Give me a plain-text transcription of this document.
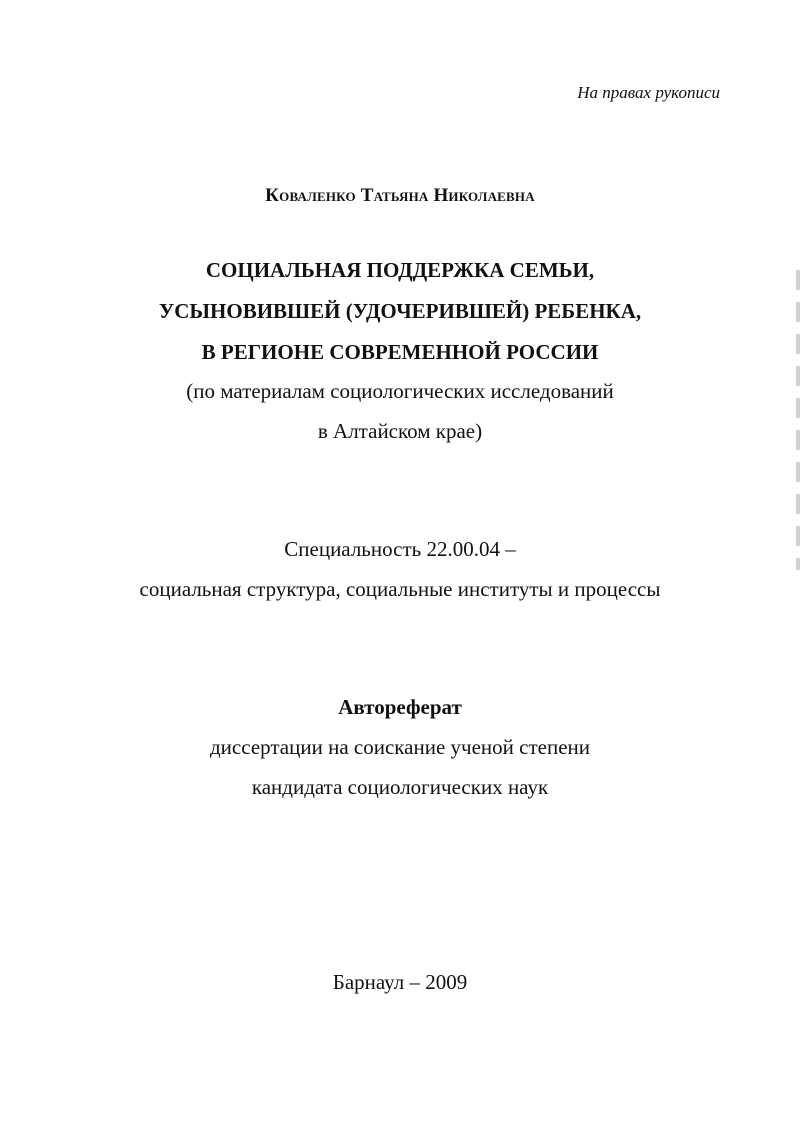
На правах рукописи
Коваленко Татьяна Николаевна
СОЦИАЛЬНАЯ ПОДДЕРЖКА СЕМЬИ,
УСЫНОВИВШЕЙ (УДОЧЕРИВШЕЙ) РЕБЕНКА,
В РЕГИОНЕ СОВРЕМЕННОЙ РОССИИ
(по материалам социологических исследований
в Алтайском крае)
Специальность 22.00.04 –
социальная структура, социальные институты и процессы
Автореферат
диссертации на соискание ученой степени
кандидата социологических наук
Барнаул – 2009
